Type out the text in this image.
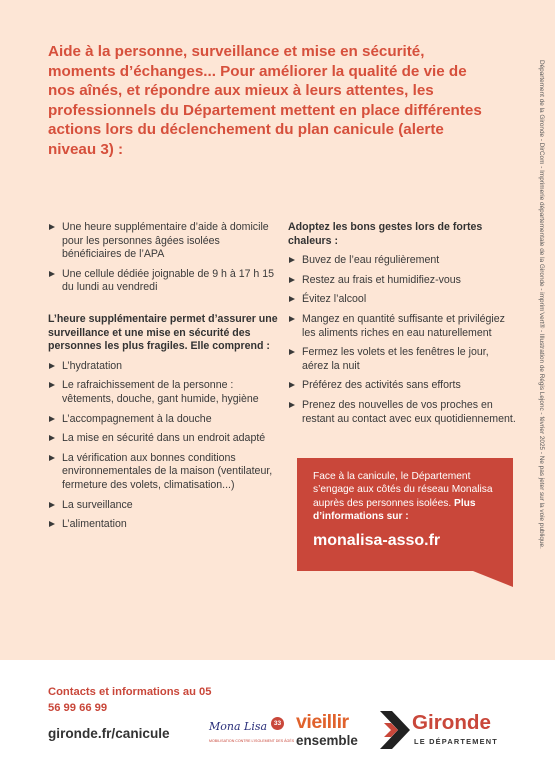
Aide à la personne, surveillance et mise en sécurité, moments d’échanges... Pour améliorer la qualité de vie de nos aînés, et répondre aux mieux à leurs attentes, les professionnels du Département mettent en place différentes actions lors du déclenchement du plan canicule (alerte niveau 3) :	Département de la Gironde - DirCom - Imprimerie départementale de la Gironde - imprim’vert® - Illustration de Régis Lejonc - février 2025 - Ne pas jeter sur la voie publique.
Une heure supplémentaire d’aide à domicile pour les personnes âgées isolées bénéficiaires de l’APA
Une cellule dédiée joignable de 9 h à 17 h 15 du lundi au vendredi
L’heure supplémentaire permet d’assurer une surveillance et une mise en sécurité des personnes les plus fragiles. Elle comprend :
L’hydratation
Le rafraichissement de la personne : vêtements, douche, gant humide, hygiène
L’accompagnement à la douche
La mise en sécurité dans un endroit adapté
La vérification aux bonnes conditions environnementales de la maison (ventilateur, fermeture des volets, climatisation...)
La surveillance
L’alimentation
Adoptez les bons gestes lors de fortes chaleurs :
Buvez de l’eau régulièrement
Restez au frais et humidifiez-vous
Évitez l’alcool
Mangez en quantité suffisante et privilégiez les aliments riches en eau naturellement
Fermez les volets et les fenêtres le jour, aérez la nuit
Préférez des activités sans efforts
Prenez des nouvelles de vos proches en restant au contact avec eux quotidiennement.
Face à la canicule, le Département s’engage aux côtés du réseau Monalisa auprès des personnes isolées. Plus d’informations sur :
monalisa-asso.fr
Contacts et informations au 05 56 99 66 99
gironde.fr/canicule	Mona Lisa
MOBILISATION CONTRE L’ISOLEMENT DES ÂGÉS
33 vieillir
ensemble
Gironde
LE DÉPARTEMENT
